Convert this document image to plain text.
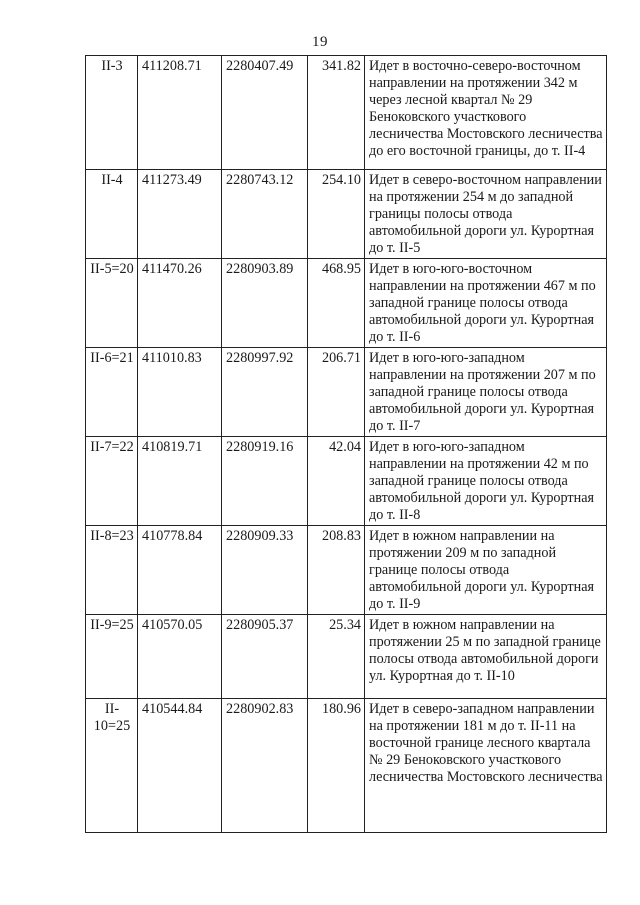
19
II-3	411208.71	2280407.49	341.82	Идет в восточно-северо-восточном направлении на протяжении 342 м через лесной квартал № 29 Беноковского участкового лесничества Мостовского лесничества до его восточной границы, до т. II-4
II-4	411273.49	2280743.12	254.10	Идет в северо-восточном направлении на протяжении 254 м до западной границы полосы отвода автомобильной дороги ул. Курортная до т. II-5
II-5=20	411470.26	2280903.89	468.95	Идет в юго-юго-восточном направлении на протяжении 467 м по западной границе полосы отвода автомобильной дороги ул. Курортная до т. II-6
II-6=21	411010.83	2280997.92	206.71	Идет в юго-юго-западном направлении на протяжении 207 м по западной границе полосы отвода автомобильной дороги ул. Курортная до т. II-7
II-7=22	410819.71	2280919.16	42.04	Идет в юго-юго-западном направлении на протяжении 42 м по западной границе полосы отвода автомобильной дороги ул. Курортная до т. II-8
II-8=23	410778.84	2280909.33	208.83	Идет в южном направлении на протяжении 209 м по западной границе полосы отвода автомобильной дороги ул. Курортная до т. II-9
II-9=25	410570.05	2280905.37	25.34	Идет в южном направлении на протяжении 25 м по западной границе полосы отвода автомобильной дороги ул. Курортная до т. II-10
II-10=25	410544.84	2280902.83	180.96	Идет в северо-западном направлении на протяжении 181 м до т. II-11 на восточной границе лесного квартала № 29 Беноковского участкового лесничества Мостовского лесничества
